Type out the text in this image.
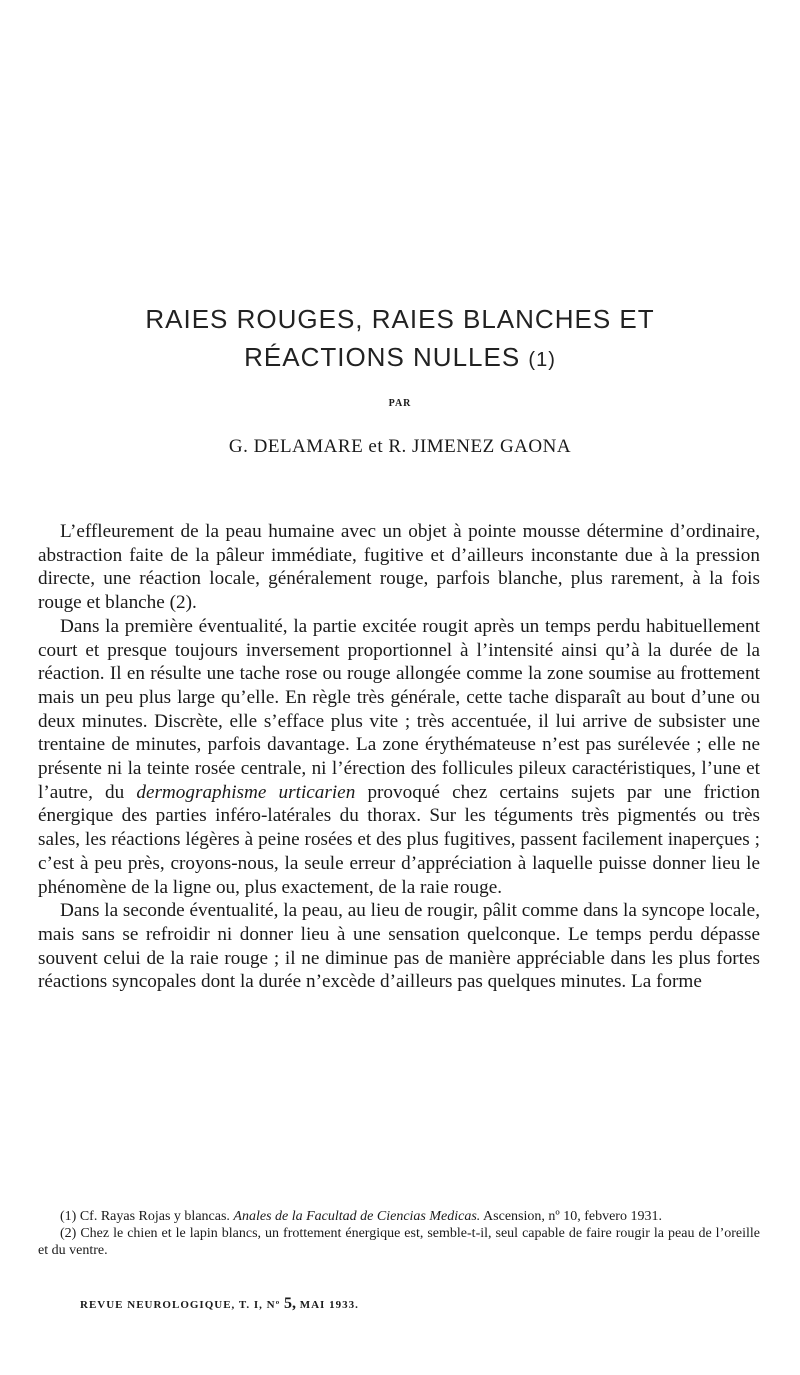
RAIES ROUGES, RAIES BLANCHES ET
RÉACTIONS NULLES (1)
PAR
G. DELAMARE et R. JIMENEZ GAONA

L’effleurement de la peau humaine avec un objet à pointe mousse détermine d’ordinaire, abstraction faite de la pâleur immédiate, fugitive et d’ailleurs inconstante due à la pression directe, une réaction locale, généralement rouge, parfois blanche, plus rarement, à la fois rouge et blanche (2).

Dans la première éventualité, la partie excitée rougit après un temps perdu habituellement court et presque toujours inversement proportionnel à l’intensité ainsi qu’à la durée de la réaction. Il en résulte une tache rose ou rouge allongée comme la zone soumise au frottement mais un peu plus large qu’elle. En règle très générale, cette tache disparaît au bout d’une ou deux minutes. Discrète, elle s’efface plus vite ; très accentuée, il lui arrive de subsister une trentaine de minutes, parfois davantage. La zone érythémateuse n’est pas surélevée ; elle ne présente ni la teinte rosée centrale, ni l’érection des follicules pileux caractéristiques, l’une et l’autre, du dermographisme urticarien provoqué chez certains sujets par une friction énergique des parties inféro-latérales du thorax. Sur les téguments très pigmentés ou très sales, les réactions légères à peine rosées et des plus fugitives, passent facilement inaperçues ; c’est à peu près, croyons-nous, la seule erreur d’appréciation à laquelle puisse donner lieu le phénomène de la ligne ou, plus exactement, de la raie rouge.

Dans la seconde éventualité, la peau, au lieu de rougir, pâlit comme dans la syncope locale, mais sans se refroidir ni donner lieu à une sensation quelconque. Le temps perdu dépasse souvent celui de la raie rouge ; il ne diminue pas de manière appréciable dans les plus fortes réactions syncopales dont la durée n’excède d’ailleurs pas quelques minutes. La forme

(1) Cf. Rayas Rojas y blancas. Anales de la Facultad de Ciencias Medicas. Ascension, nº 10, febvero 1931.

(2) Chez le chien et le lapin blancs, un frottement énergique est, semble-t-il, seul capable de faire rougir la peau de l’oreille et du ventre.

REVUE NEUROLOGIQUE, T. I, Nº 5, MAI 1933.
